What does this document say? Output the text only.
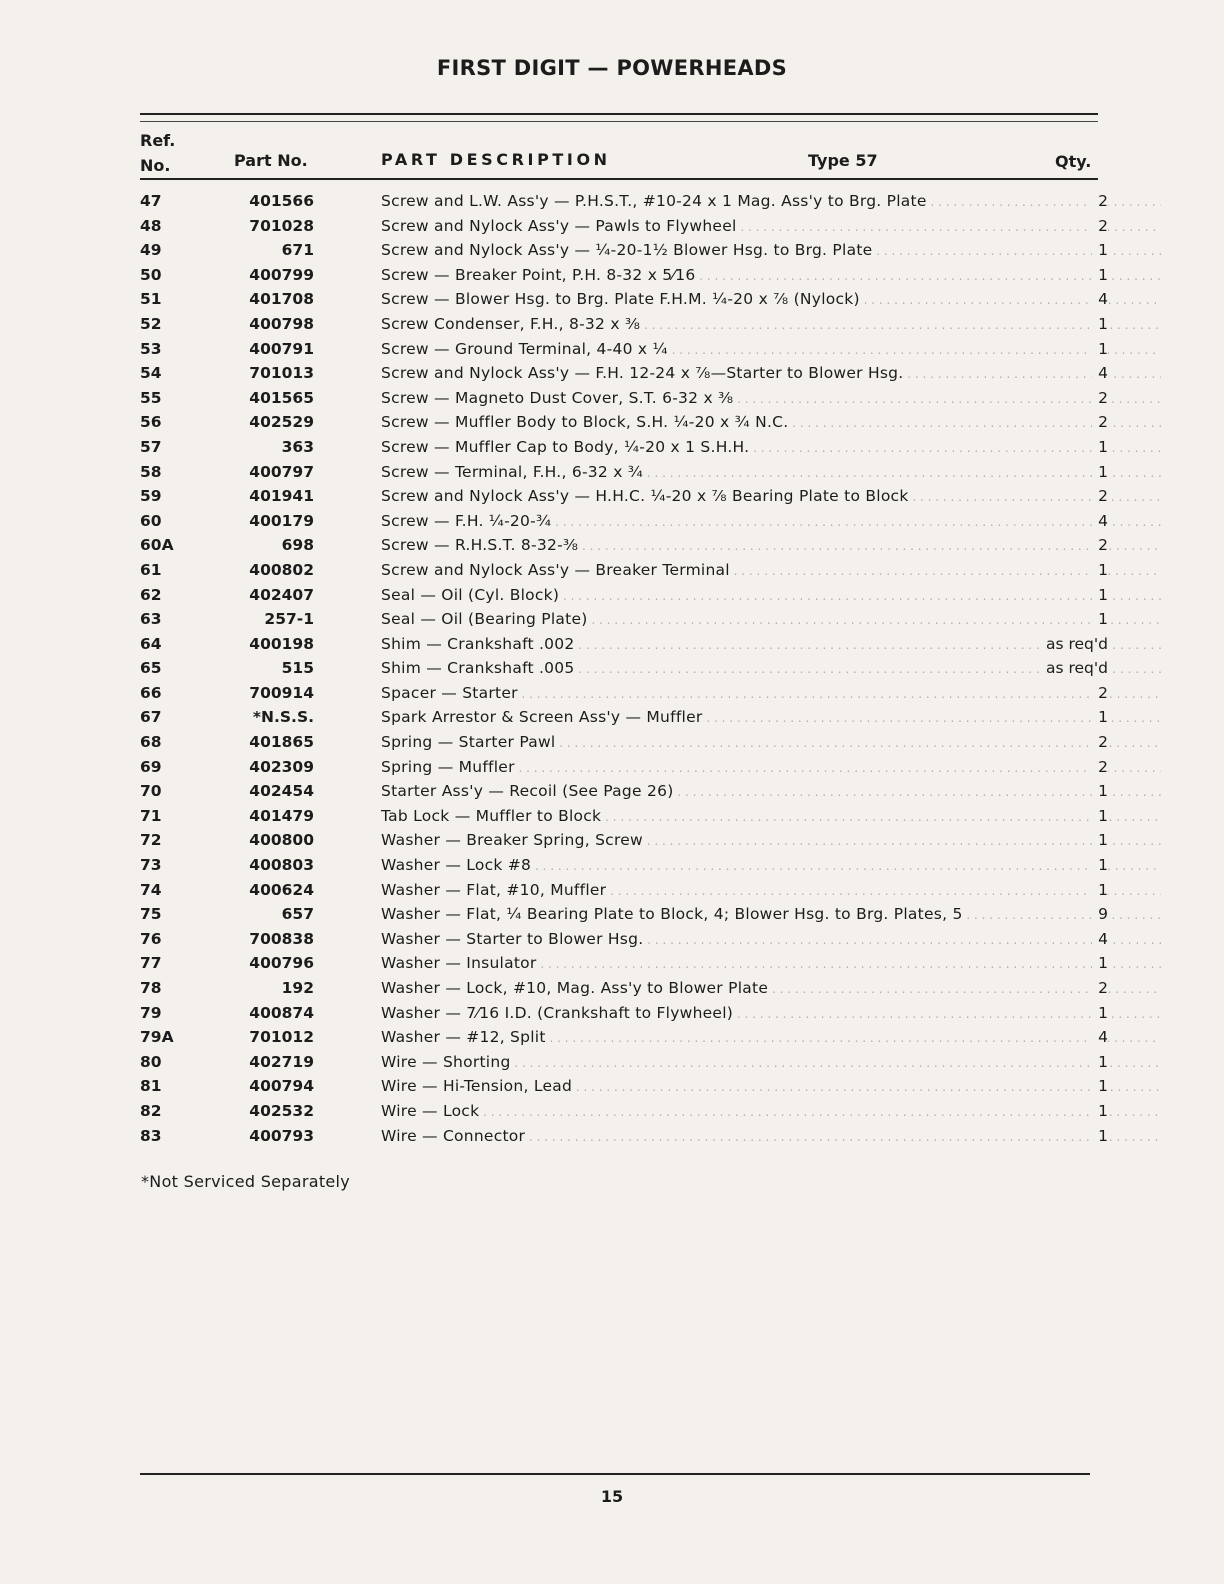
FIRST DIGIT — POWERHEADS
Ref.
No.	Part No.	PART DESCRIPTION	Type 57	Qty.
47	401566	Screw and L.W. Ass'y — P.H.S.T., #10-24 x 1 Mag. Ass'y to Brg. Plate . . .	2
48	701028	Screw and Nylock Ass'y — Pawls to Flywheel . . .	2
49	671	Screw and Nylock Ass'y — ¼-20-1½ Blower Hsg. to Brg. Plate . . .	1
50	400799	Screw — Breaker Point, P.H. 8-32 x 5⁄16 . . .	1
51	401708	Screw — Blower Hsg. to Brg. Plate F.H.M. ¼-20 x ⅞ (Nylock) . . .	4
52	400798	Screw Condenser, F.H., 8-32 x ⅜ . . .	1
53	400791	Screw — Ground Terminal, 4-40 x ¼ . . .	1
54	701013	Screw and Nylock Ass'y — F.H. 12-24 x ⅞—Starter to Blower Hsg. . . .	4
55	401565	Screw — Magneto Dust Cover, S.T. 6-32 x ⅜ . . .	2
56	402529	Screw — Muffler Body to Block, S.H. ¼-20 x ¾ N.C. . . .	2
57	363	Screw — Muffler Cap to Body, ¼-20 x 1 S.H.H. . . .	1
58	400797	Screw — Terminal, F.H., 6-32 x ¾ . . .	1
59	401941	Screw and Nylock Ass'y — H.H.C. ¼-20 x ⅞ Bearing Plate to Block . . .	2
60	400179	Screw — F.H. ¼-20-¾ . . .	4
60A	698	Screw — R.H.S.T. 8-32-⅜ . . .	2
61	400802	Screw and Nylock Ass'y — Breaker Terminal . . .	1
62	402407	Seal — Oil (Cyl. Block) . . .	1
63	257-1	Seal — Oil (Bearing Plate) . . .	1
64	400198	Shim — Crankshaft .002 . . .	as req'd
65	515	Shim — Crankshaft .005 . . .	as req'd
66	700914	Spacer — Starter . . .	2
67	*N.S.S.	Spark Arrestor & Screen Ass'y — Muffler . . .	1
68	401865	Spring — Starter Pawl . . .	2
69	402309	Spring — Muffler . . .	2
70	402454	Starter Ass'y — Recoil (See Page 26) . . .	1
71	401479	Tab Lock — Muffler to Block . . .	1
72	400800	Washer — Breaker Spring, Screw . . .	1
73	400803	Washer — Lock #8 . . .	1
74	400624	Washer — Flat, #10, Muffler . . .	1
75	657	Washer — Flat, ¼ Bearing Plate to Block, 4; Blower Hsg. to Brg. Plates, 5 . . .	9
76	700838	Washer — Starter to Blower Hsg. . . .	4
77	400796	Washer — Insulator . . .	1
78	192	Washer — Lock, #10, Mag. Ass'y to Blower Plate . . .	2
79	400874	Washer — 7⁄16 I.D. (Crankshaft to Flywheel) . . .	1
79A	701012	Washer — #12, Split . . .	4
80	402719	Wire — Shorting . . .	1
81	400794	Wire — Hi-Tension, Lead . . .	1
82	402532	Wire — Lock . . .	1
83	400793	Wire — Connector . . .	1
*Not Serviced Separately
15
